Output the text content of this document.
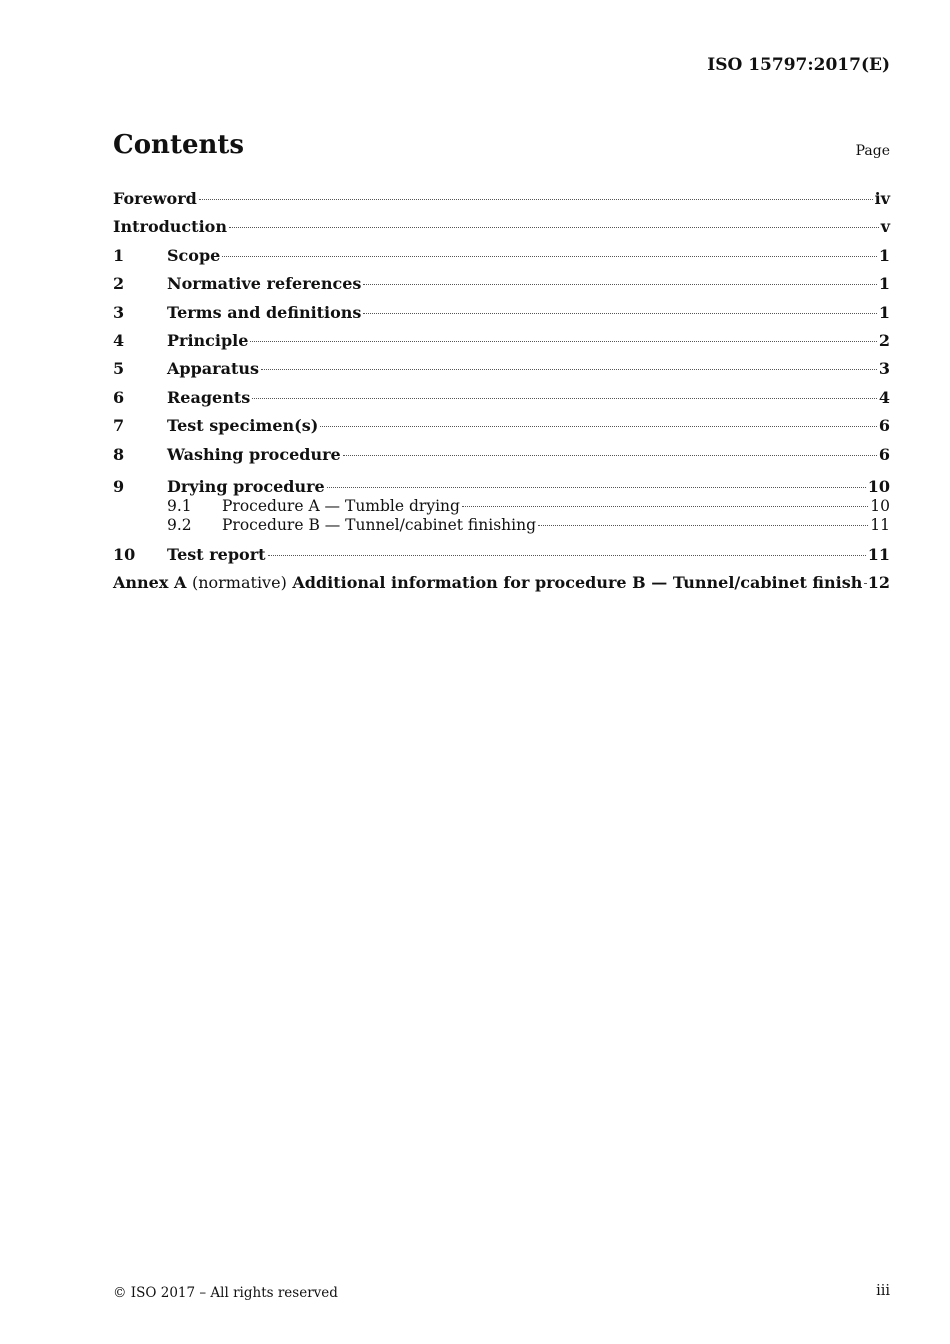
ISO 15797:2017(E)
Contents	Page
Foreword	iv
Introduction	v
1	Scope	1
2	Normative references	1
3	Terms and definitions	1
4	Principle	2
5	Apparatus	3
6	Reagents	4
7	Test specimen(s)	6
8	Washing procedure	6
9	Drying procedure	10
9.1	Procedure A — Tumble drying	10
9.2	Procedure B — Tunnel/cabinet finishing	11
10	Test report	11
Annex A (normative) Additional information for procedure B — Tunnel/cabinet finish 12
© ISO 2017 – All rights reserved	iii
